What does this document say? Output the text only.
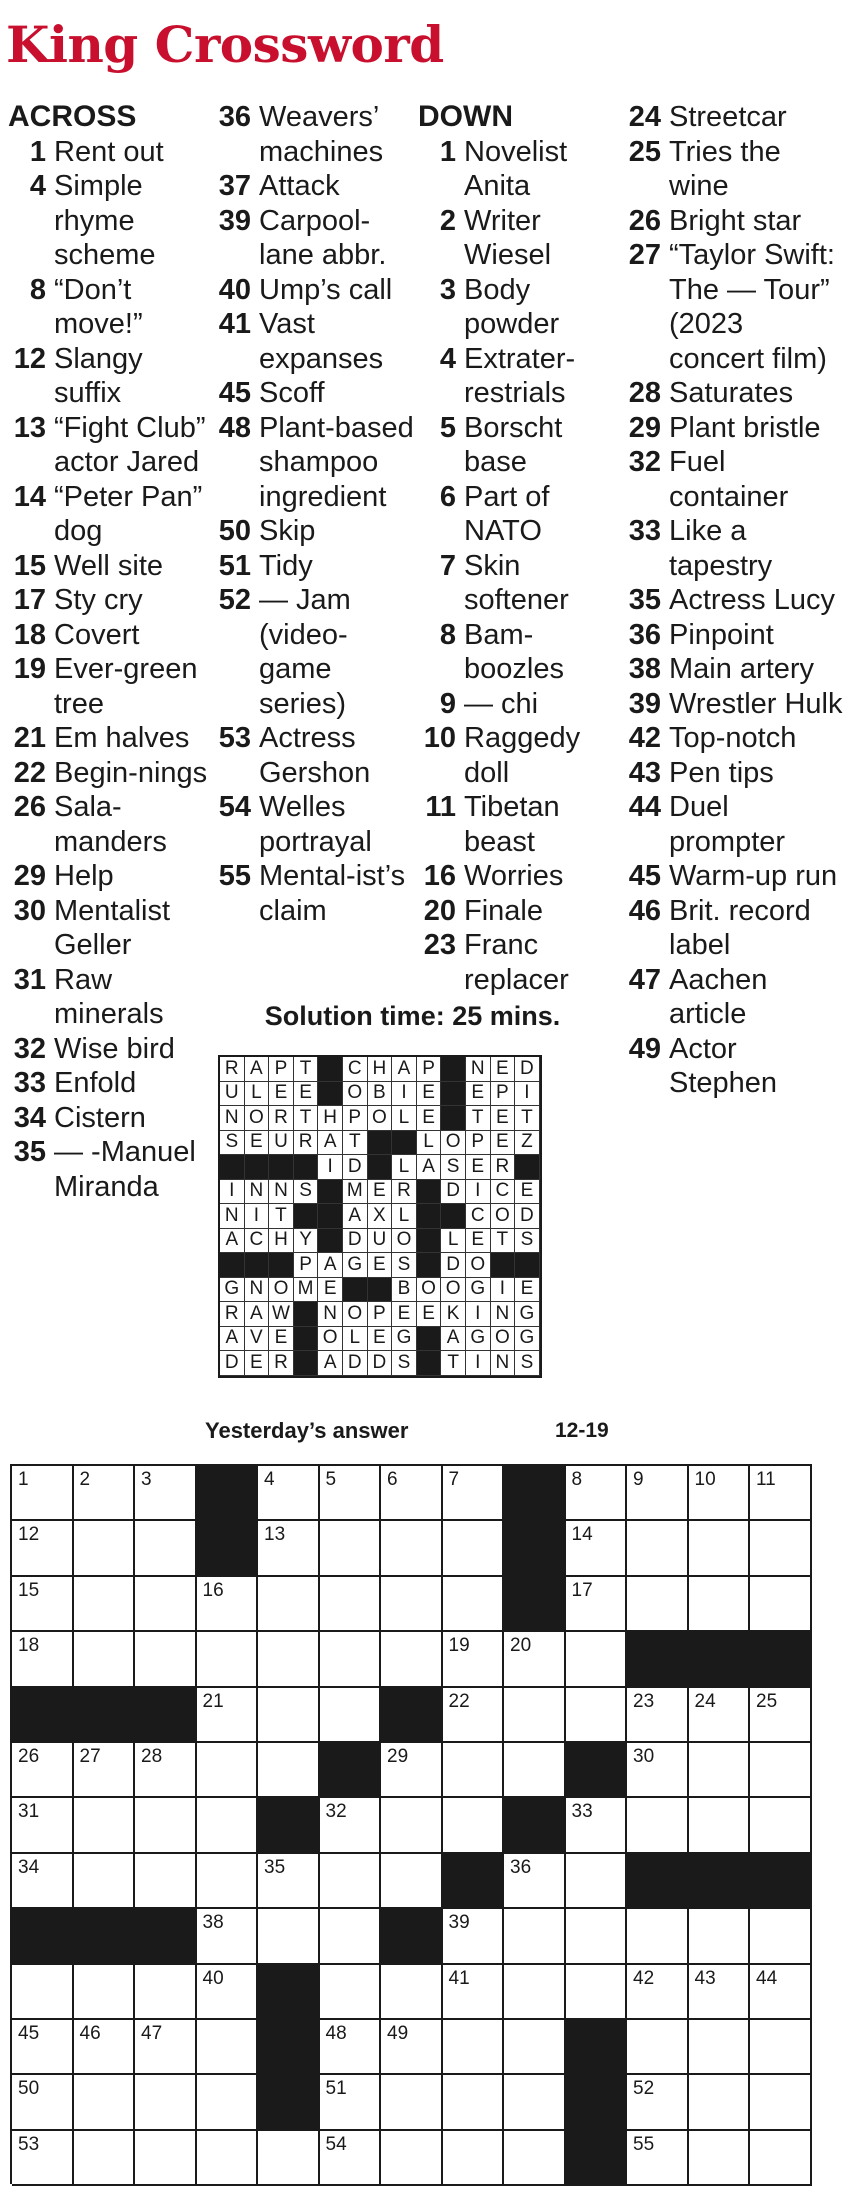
King Crossword
ACROSS
1 Rent out
4 Simple rhyme scheme
8 “Don’t move!”
12 Slangy suffix
13 “Fight Club” actor Jared
14 “Peter Pan” dog
15 Well site
17 Sty cry
18 Covert
19 Ever-green tree
21 Em halves
22 Begin-nings
26 Sala-manders
29 Help
30 Mentalist Geller
31 Raw minerals
32 Wise bird
33 Enfold
34 Cistern
35 — -Manuel Miranda
36 Weavers’ machines
37 Attack
39 Carpool-lane abbr.
40 Ump’s call
41 Vast expanses
45 Scoff
48 Plant-based shampoo ingredient
50 Skip
51 Tidy
52 — Jam (video-game series)
53 Actress Gershon
54 Welles portrayal
55 Mental-ist’s claim
DOWN
1 Novelist Anita
2 Writer Wiesel
3 Body powder
4 Extrater-restrials
5 Borscht base
6 Part of NATO
7 Skin softener
8 Bam-boozles
9 — chi
10 Raggedy doll
11 Tibetan beast
16 Worries
20 Finale
23 Franc replacer
24 Streetcar
25 Tries the wine
26 Bright star
27 “Taylor Swift: The — Tour” (2023 concert film)
28 Saturates
29 Plant bristle
32 Fuel container
33 Like a tapestry
35 Actress Lucy
36 Pinpoint
38 Main artery
39 Wrestler Hulk
42 Top-notch
43 Pen tips
44 Duel prompter
45 Warm-up run
46 Brit. record label
47 Aachen article
49 Actor Stephen
Solution time: 25 mins.
R A P T	C H A P	N E D
U L E E	O B I E	E P I
N O R T H P O L E	T E T
S E U R A T	L O P E Z
I D	L A S E R
I N N S	M E R	D I C E
N I T	A X L	C O D
A C H Y	D U O	L E T S
P A G E S	D O
G N O M E	B O O G I E
R A W N O P E E K I N G
A V E	O L E G A G O G
D E R	A D D S	T I N S
Yesterday’s answer	12-19
1	2	3	4	5	6	7	8	9	10 11
12	13	14
15	16	17
18	19 20
21	22	23 24 25
26 27 28	29	30
31	32	33
34	35	36
38	39
40	41	42 43 44
45 46 47	48 49
50	51	52
53	54	55
